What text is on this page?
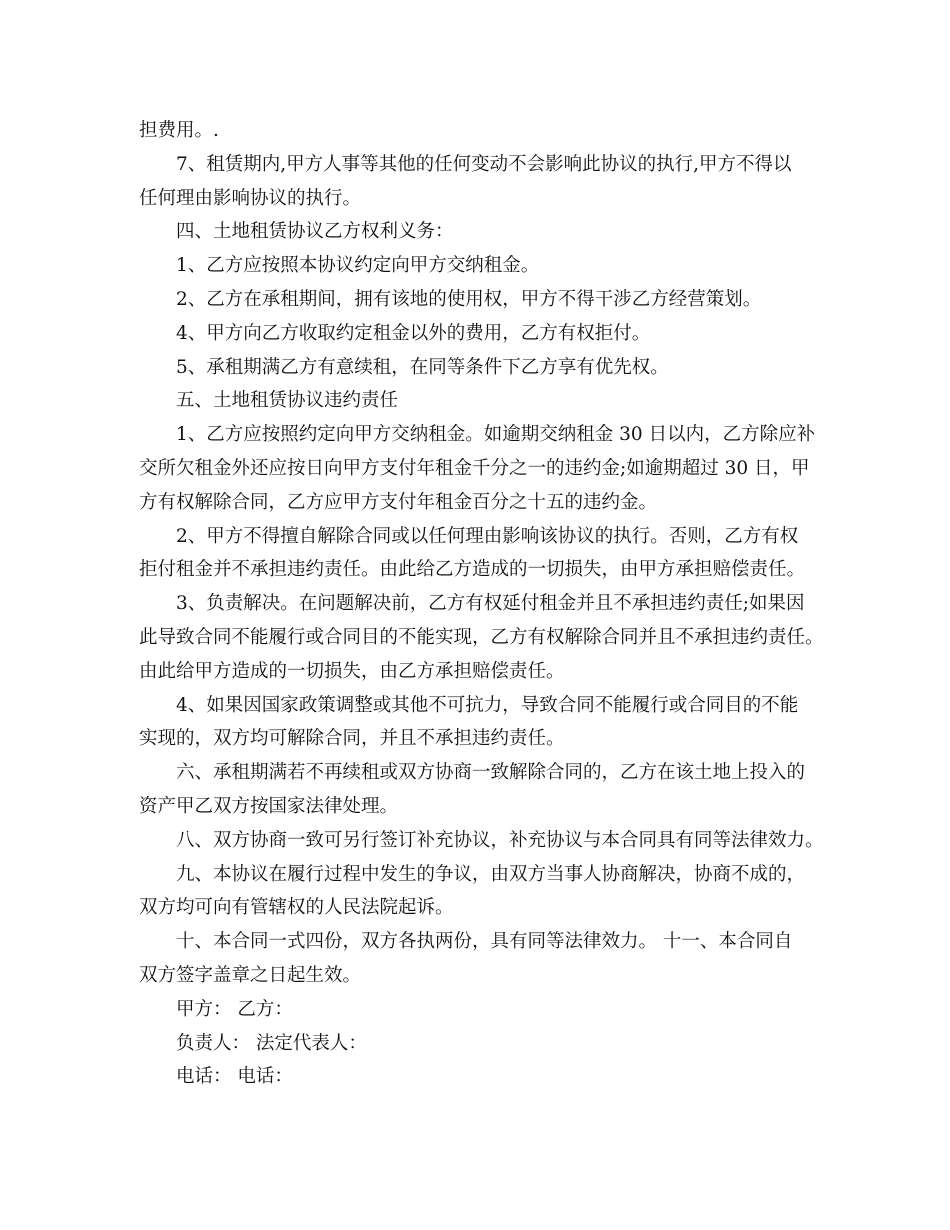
担费用。.
7、租赁期内,甲方人事等其他的任何变动不会影响此协议的执行,甲方不得以
任何理由影响协议的执行。
四、土地租赁协议乙方权利义务：
1、乙方应按照本协议约定向甲方交纳租金。
2、乙方在承租期间，拥有该地的使用权，甲方不得干涉乙方经营策划。
4、甲方向乙方收取约定租金以外的费用，乙方有权拒付。
5、承租期满乙方有意续租，在同等条件下乙方享有优先权。
五、土地租赁协议违约责任
1、乙方应按照约定向甲方交纳租金。如逾期交纳租金 30 日以内，乙方除应补
交所欠租金外还应按日向甲方支付年租金千分之一的违约金;如逾期超过 30 日，甲
方有权解除合同，乙方应甲方支付年租金百分之十五的违约金。
2、甲方不得擅自解除合同或以任何理由影响该协议的执行。否则，乙方有权
拒付租金并不承担违约责任。由此给乙方造成的一切损失，由甲方承担赔偿责任。
3、负责解决。在问题解决前，乙方有权延付租金并且不承担违约责任;如果因
此导致合同不能履行或合同目的不能实现，乙方有权解除合同并且不承担违约责任。
由此给甲方造成的一切损失，由乙方承担赔偿责任。
4、如果因国家政策调整或其他不可抗力，导致合同不能履行或合同目的不能
实现的，双方均可解除合同，并且不承担违约责任。
六、承租期满若不再续租或双方协商一致解除合同的，乙方在该土地上投入的
资产甲乙双方按国家法律处理。
八、双方协商一致可另行签订补充协议，补充协议与本合同具有同等法律效力。
九、本协议在履行过程中发生的争议，由双方当事人协商解决，协商不成的，
双方均可向有管辖权的人民法院起诉。
十、本合同一式四份，双方各执两份，具有同等法律效力。 十一、本合同自
双方签字盖章之日起生效。
甲方： 乙方：
负责人： 法定代表人：
电话： 电话：
